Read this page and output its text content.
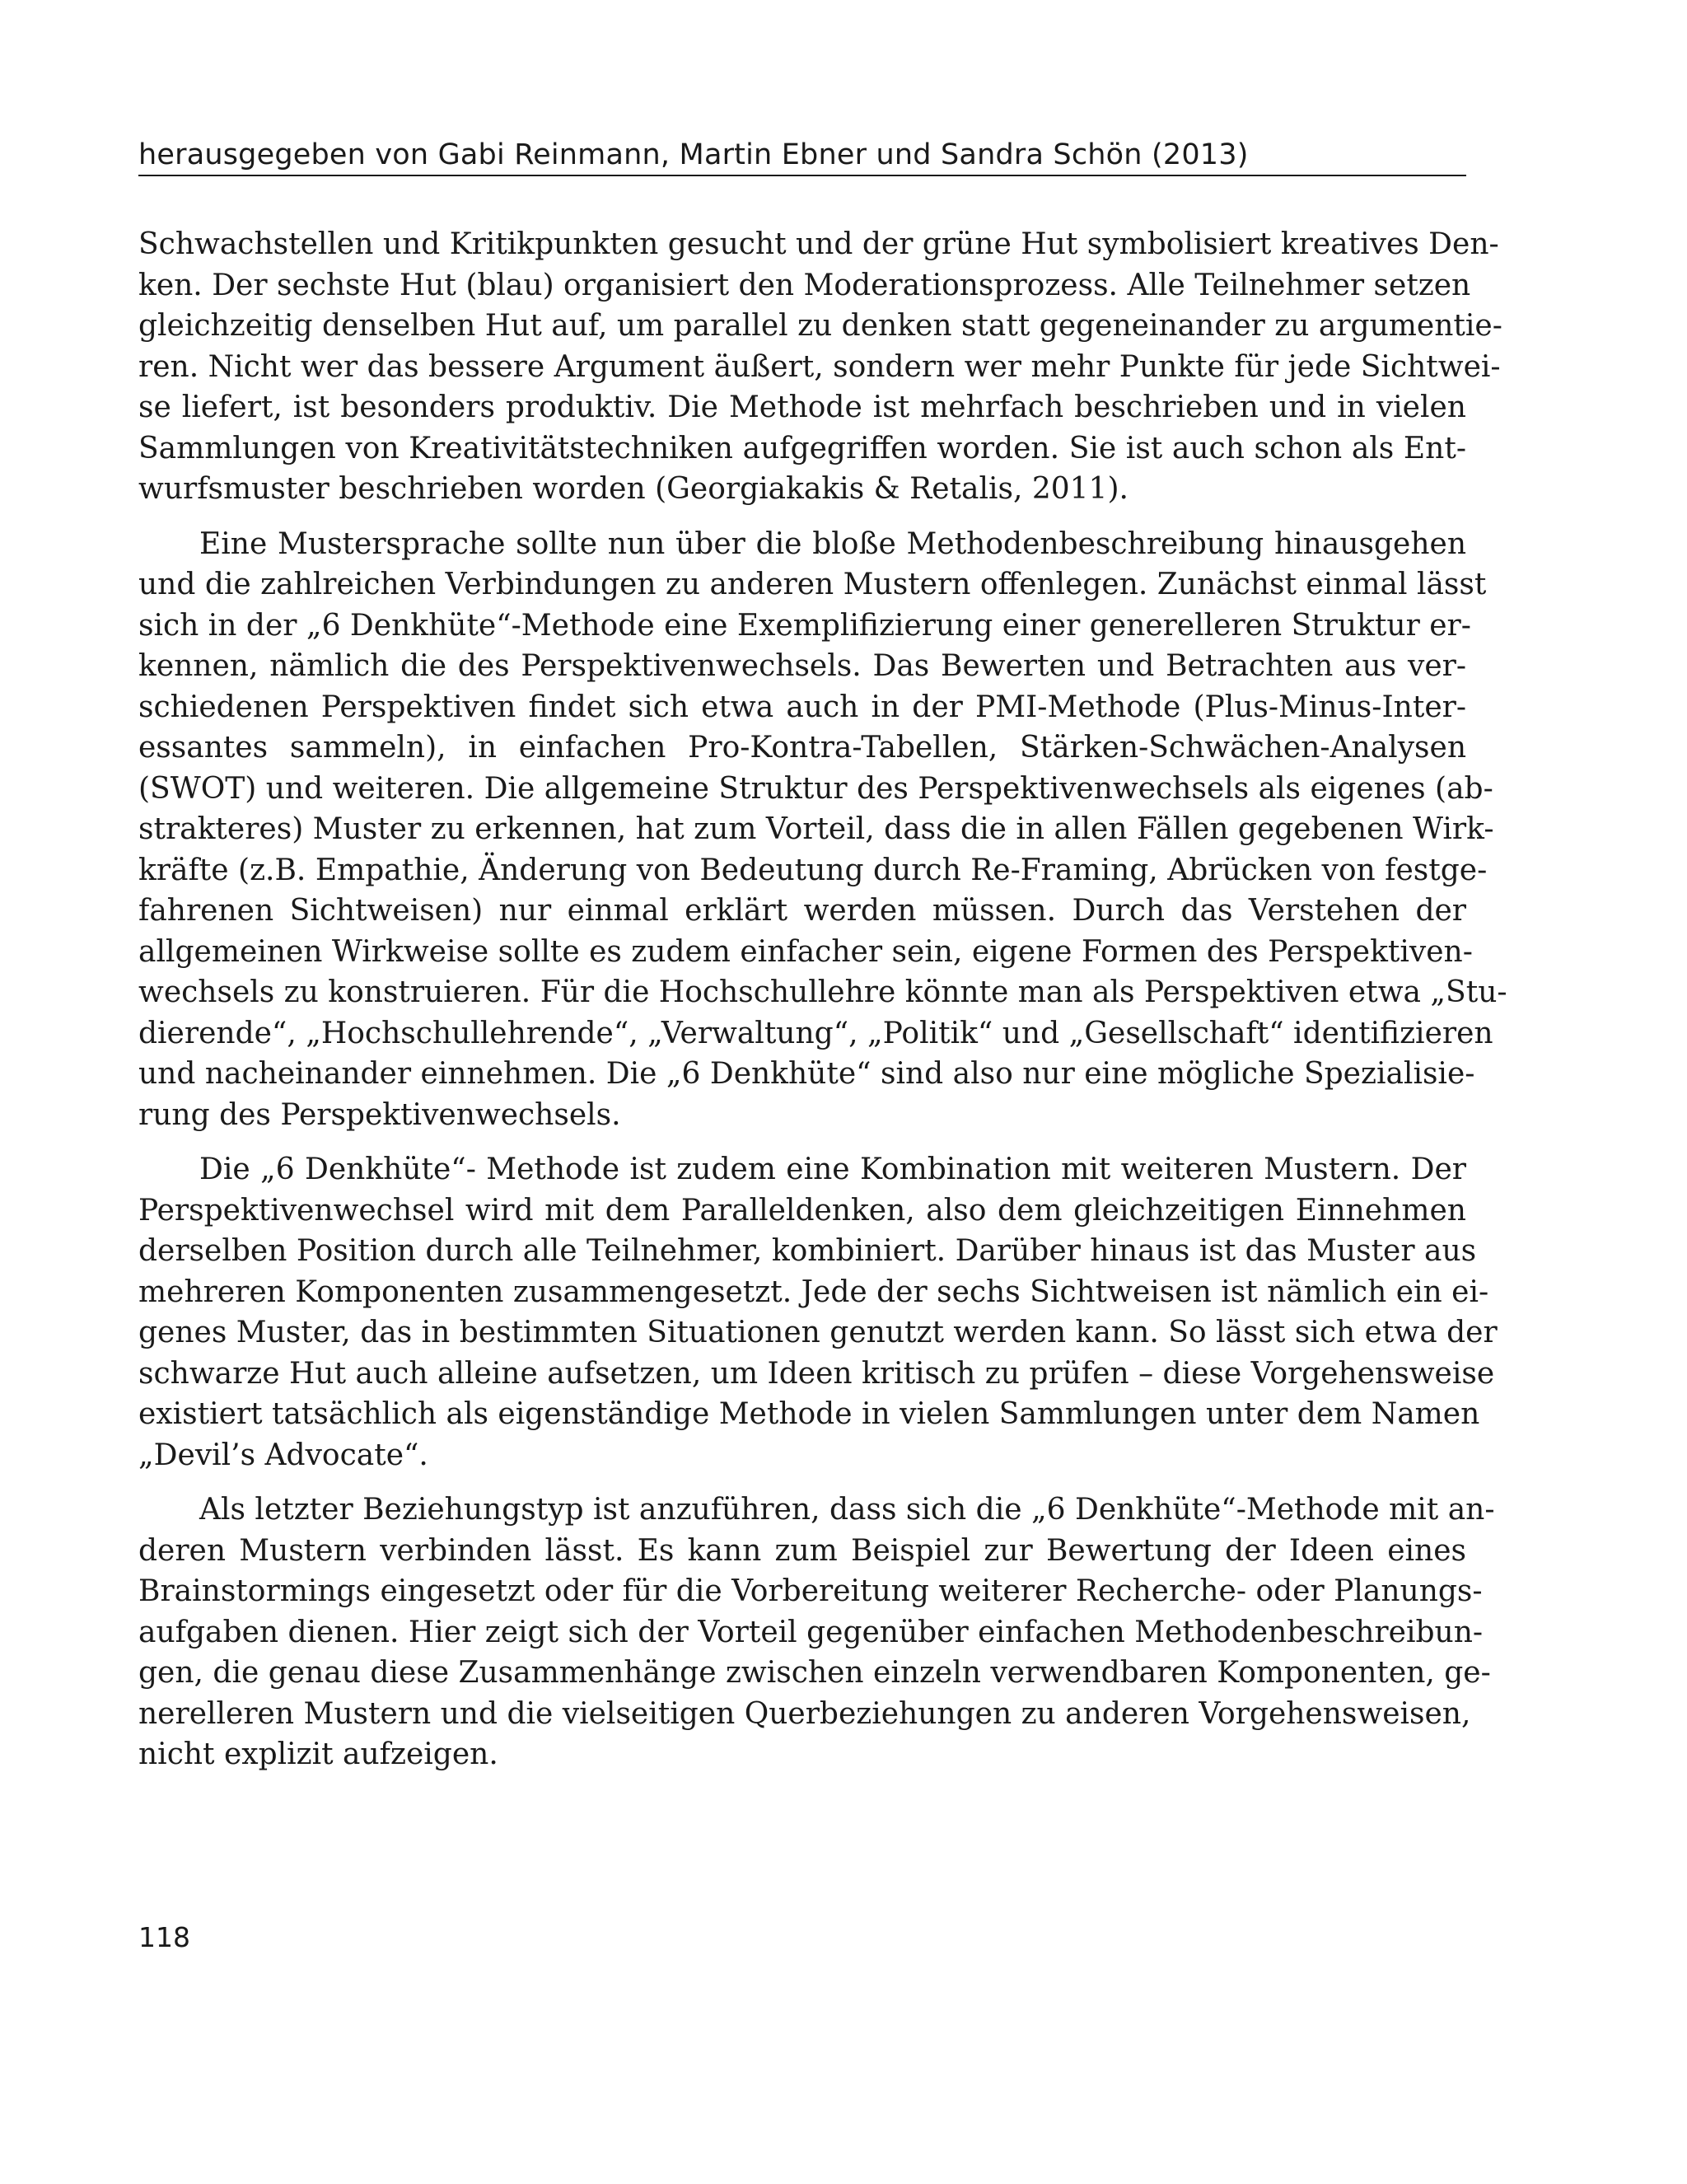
herausgegeben von Gabi Reinmann, Martin Ebner und Sandra Schön (2013)
Schwachstellen und Kritikpunkten gesucht und der grüne Hut symbolisiert kreatives Den-
ken. Der sechste Hut (blau) organisiert den Moderationsprozess. Alle Teilnehmer setzen
gleichzeitig denselben Hut auf, um parallel zu denken statt gegeneinander zu argumentie-
ren. Nicht wer das bessere Argument äußert, sondern wer mehr Punkte für jede Sichtwei-
se liefert, ist besonders produktiv. Die Methode ist mehrfach beschrieben und in vielen
Sammlungen von Kreativitätstechniken aufgegriffen worden. Sie ist auch schon als Ent-
wurfsmuster beschrieben worden (Georgiakakis & Retalis, 2011).
Eine Mustersprache sollte nun über die bloße Methodenbeschreibung hinausgehen
und die zahlreichen Verbindungen zu anderen Mustern offenlegen. Zunächst einmal lässt
sich in der „6 Denkhüte“-Methode eine Exemplifizierung einer generelleren Struktur er-
kennen, nämlich die des Perspektivenwechsels. Das Bewerten und Betrachten aus ver-
schiedenen Perspektiven findet sich etwa auch in der PMI-Methode (Plus-Minus-Inter-
essantes sammeln), in einfachen Pro-Kontra-Tabellen, Stärken-Schwächen-Analysen
(SWOT) und weiteren. Die allgemeine Struktur des Perspektivenwechsels als eigenes (ab-
strakteres) Muster zu erkennen, hat zum Vorteil, dass die in allen Fällen gegebenen Wirk-
kräfte (z.B. Empathie, Änderung von Bedeutung durch Re-Framing, Abrücken von festge-
fahrenen Sichtweisen) nur einmal erklärt werden müssen. Durch das Verstehen der
allgemeinen Wirkweise sollte es zudem einfacher sein, eigene Formen des Perspektiven-
wechsels zu konstruieren. Für die Hochschullehre könnte man als Perspektiven etwa „Stu-
dierende“, „Hochschullehrende“, „Verwaltung“, „Politik“ und „Gesellschaft“ identifizieren
und nacheinander einnehmen. Die „6 Denkhüte“ sind also nur eine mögliche Spezialisie-
rung des Perspektivenwechsels.
Die „6 Denkhüte“- Methode ist zudem eine Kombination mit weiteren Mustern. Der
Perspektivenwechsel wird mit dem Paralleldenken, also dem gleichzeitigen Einnehmen
derselben Position durch alle Teilnehmer, kombiniert. Darüber hinaus ist das Muster aus
mehreren Komponenten zusammengesetzt. Jede der sechs Sichtweisen ist nämlich ein ei-
genes Muster, das in bestimmten Situationen genutzt werden kann. So lässt sich etwa der
schwarze Hut auch alleine aufsetzen, um Ideen kritisch zu prüfen – diese Vorgehensweise
existiert tatsächlich als eigenständige Methode in vielen Sammlungen unter dem Namen
„Devil’s Advocate“.
Als letzter Beziehungstyp ist anzuführen, dass sich die „6 Denkhüte“-Methode mit an-
deren Mustern verbinden lässt. Es kann zum Beispiel zur Bewertung der Ideen eines
Brainstormings eingesetzt oder für die Vorbereitung weiterer Recherche- oder Planungs-
aufgaben dienen. Hier zeigt sich der Vorteil gegenüber einfachen Methodenbeschreibun-
gen, die genau diese Zusammenhänge zwischen einzeln verwendbaren Komponenten, ge-
nerelleren Mustern und die vielseitigen Querbeziehungen zu anderen Vorgehensweisen,
nicht explizit aufzeigen.
118
